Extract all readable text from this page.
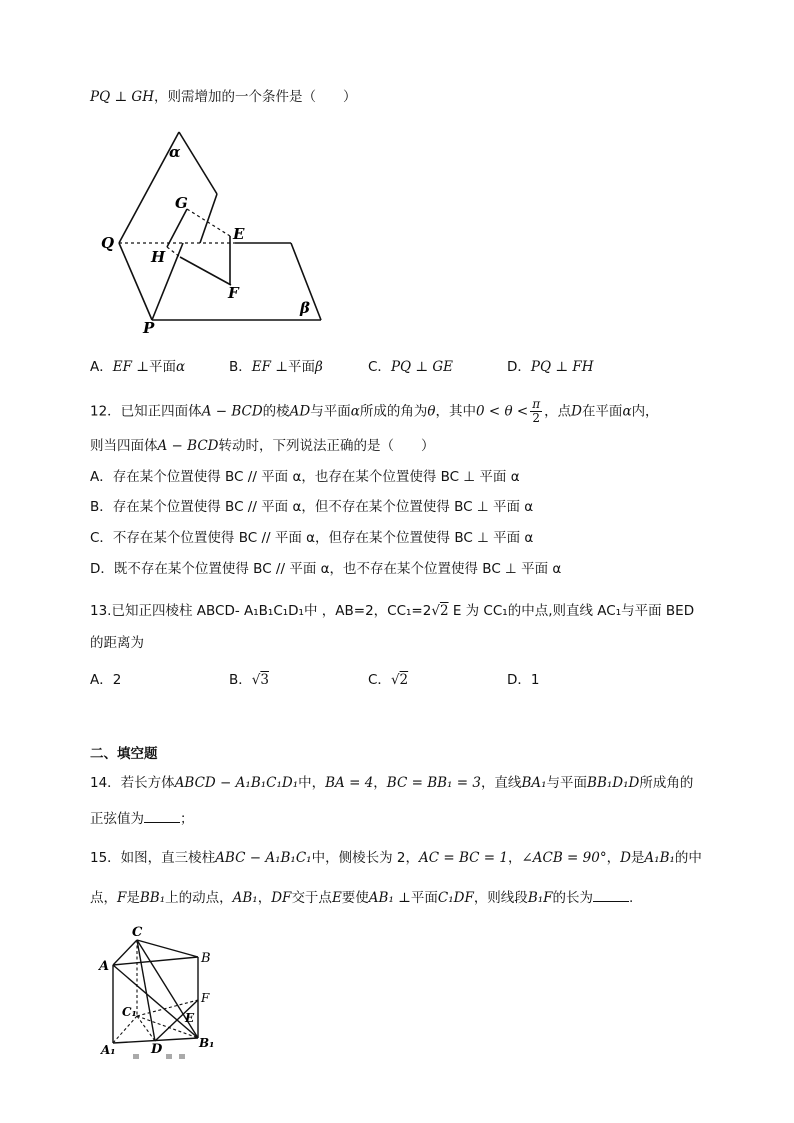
PQ ⊥ GH，则需增加的一个条件是（　　）
α
G
E
Q
H
F
β
P
A．EF ⊥平面α	B．EF ⊥平面β	C．PQ ⊥ GE	D．PQ ⊥ FH
12．已知正四面体A − BCD的棱AD与平面α所成的角为θ，其中$0 < \theta < \frac{\pi}{2}$ ，点D在平面α内，
则当四面体A − BCD转动时，下列说法正确的是（　　）
A．存在某个位置使得 BC // 平面 α，也存在某个位置使得 BC ⊥ 平面 α
B．存在某个位置使得 BC // 平面 α，但不存在某个位置使得 BC ⊥ 平面 α
C．不存在某个位置使得 BC // 平面 α，但存在某个位置使得 BC ⊥ 平面 α
D．既不存在某个位置使得 BC // 平面 α，也不存在某个位置使得 BC ⊥ 平面 α
13.已知正四棱柱 ABCD- A₁B₁C₁D₁中 ，AB=2，CC₁=2√2 E 为 CC₁的中点,则直线 AC₁与平面 BED
的距离为
A．2	B．√3	C．√2	D．1
二、填空题
14．若长方体ABCD − A₁B₁C₁D₁中，BA = 4，BC = BB₁ = 3，直线BA₁与平面BB₁D₁D所成角的
正弦值为	；
15．如图，直三棱柱ABC − A₁B₁C₁中，侧棱长为 2，AC = BC = 1，∠ACB = 90°，D是A₁B₁的中
点，F是BB₁上的动点，AB₁，DF交于点E要使AB₁ ⊥平面C₁DF，则线段B₁F的长为	.
C
B
A
F
C₁	E
A₁	D	B₁
